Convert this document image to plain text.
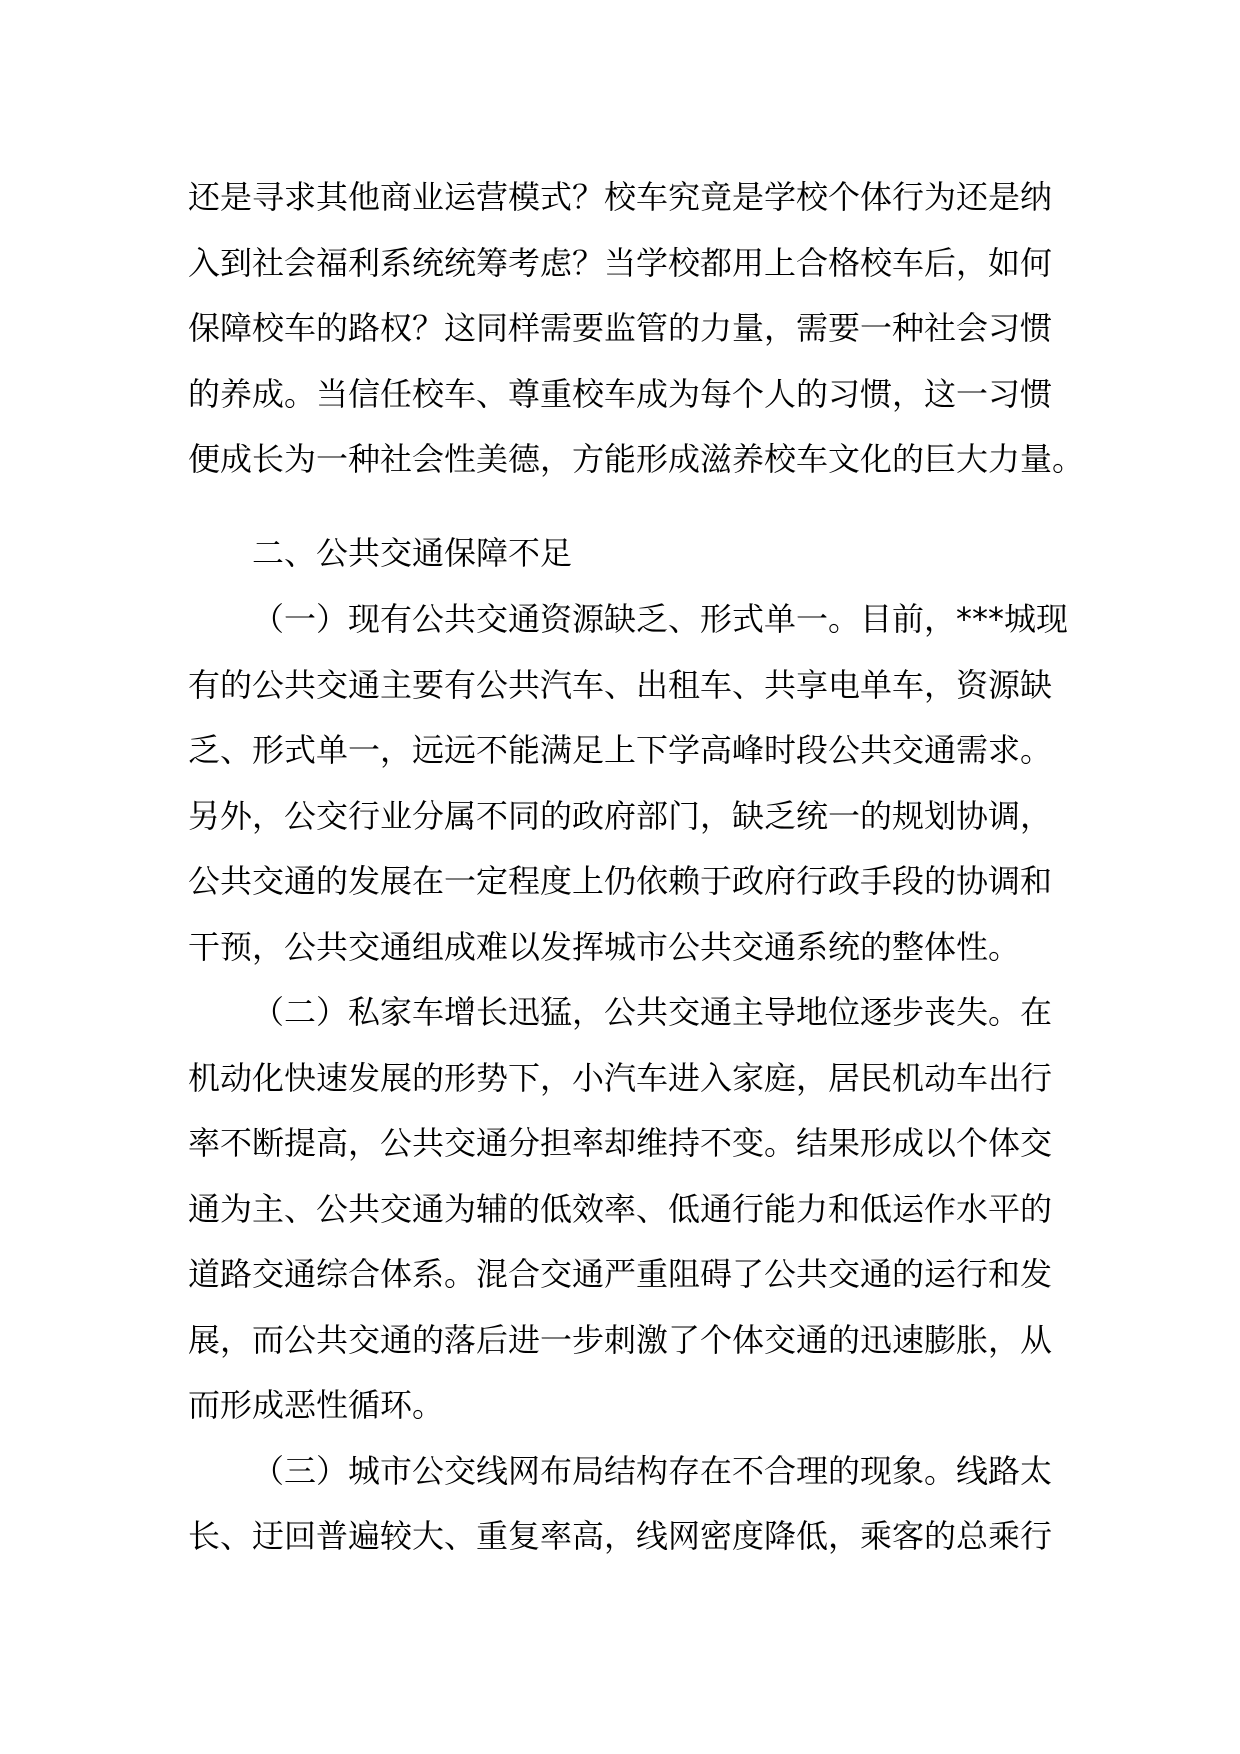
还是寻求其他商业运营模式？校车究竟是学校个体行为还是纳
入到社会福利系统统筹考虑？当学校都用上合格校车后，如何
保障校车的路权？这同样需要监管的力量，需要一种社会习惯
的养成。当信任校车、尊重校车成为每个人的习惯，这一习惯
便成长为一种社会性美德，方能形成滋养校车文化的巨大力量。
二、公共交通保障不足
（一）现有公共交通资源缺乏、形式单一。目前，***城现
有的公共交通主要有公共汽车、出租车、共享电单车，资源缺
乏、形式单一，远远不能满足上下学高峰时段公共交通需求。
另外，公交行业分属不同的政府部门，缺乏统一的规划协调，
公共交通的发展在一定程度上仍依赖于政府行政手段的协调和
干预，公共交通组成难以发挥城市公共交通系统的整体性。
（二）私家车增长迅猛，公共交通主导地位逐步丧失。在
机动化快速发展的形势下，小汽车进入家庭，居民机动车出行
率不断提高，公共交通分担率却维持不变。结果形成以个体交
通为主、公共交通为辅的低效率、低通行能力和低运作水平的
道路交通综合体系。混合交通严重阻碍了公共交通的运行和发
展，而公共交通的落后进一步刺激了个体交通的迅速膨胀，从
而形成恶性循环。
（三）城市公交线网布局结构存在不合理的现象。线路太
长、迂回普遍较大、重复率高，线网密度降低，乘客的总乘行
